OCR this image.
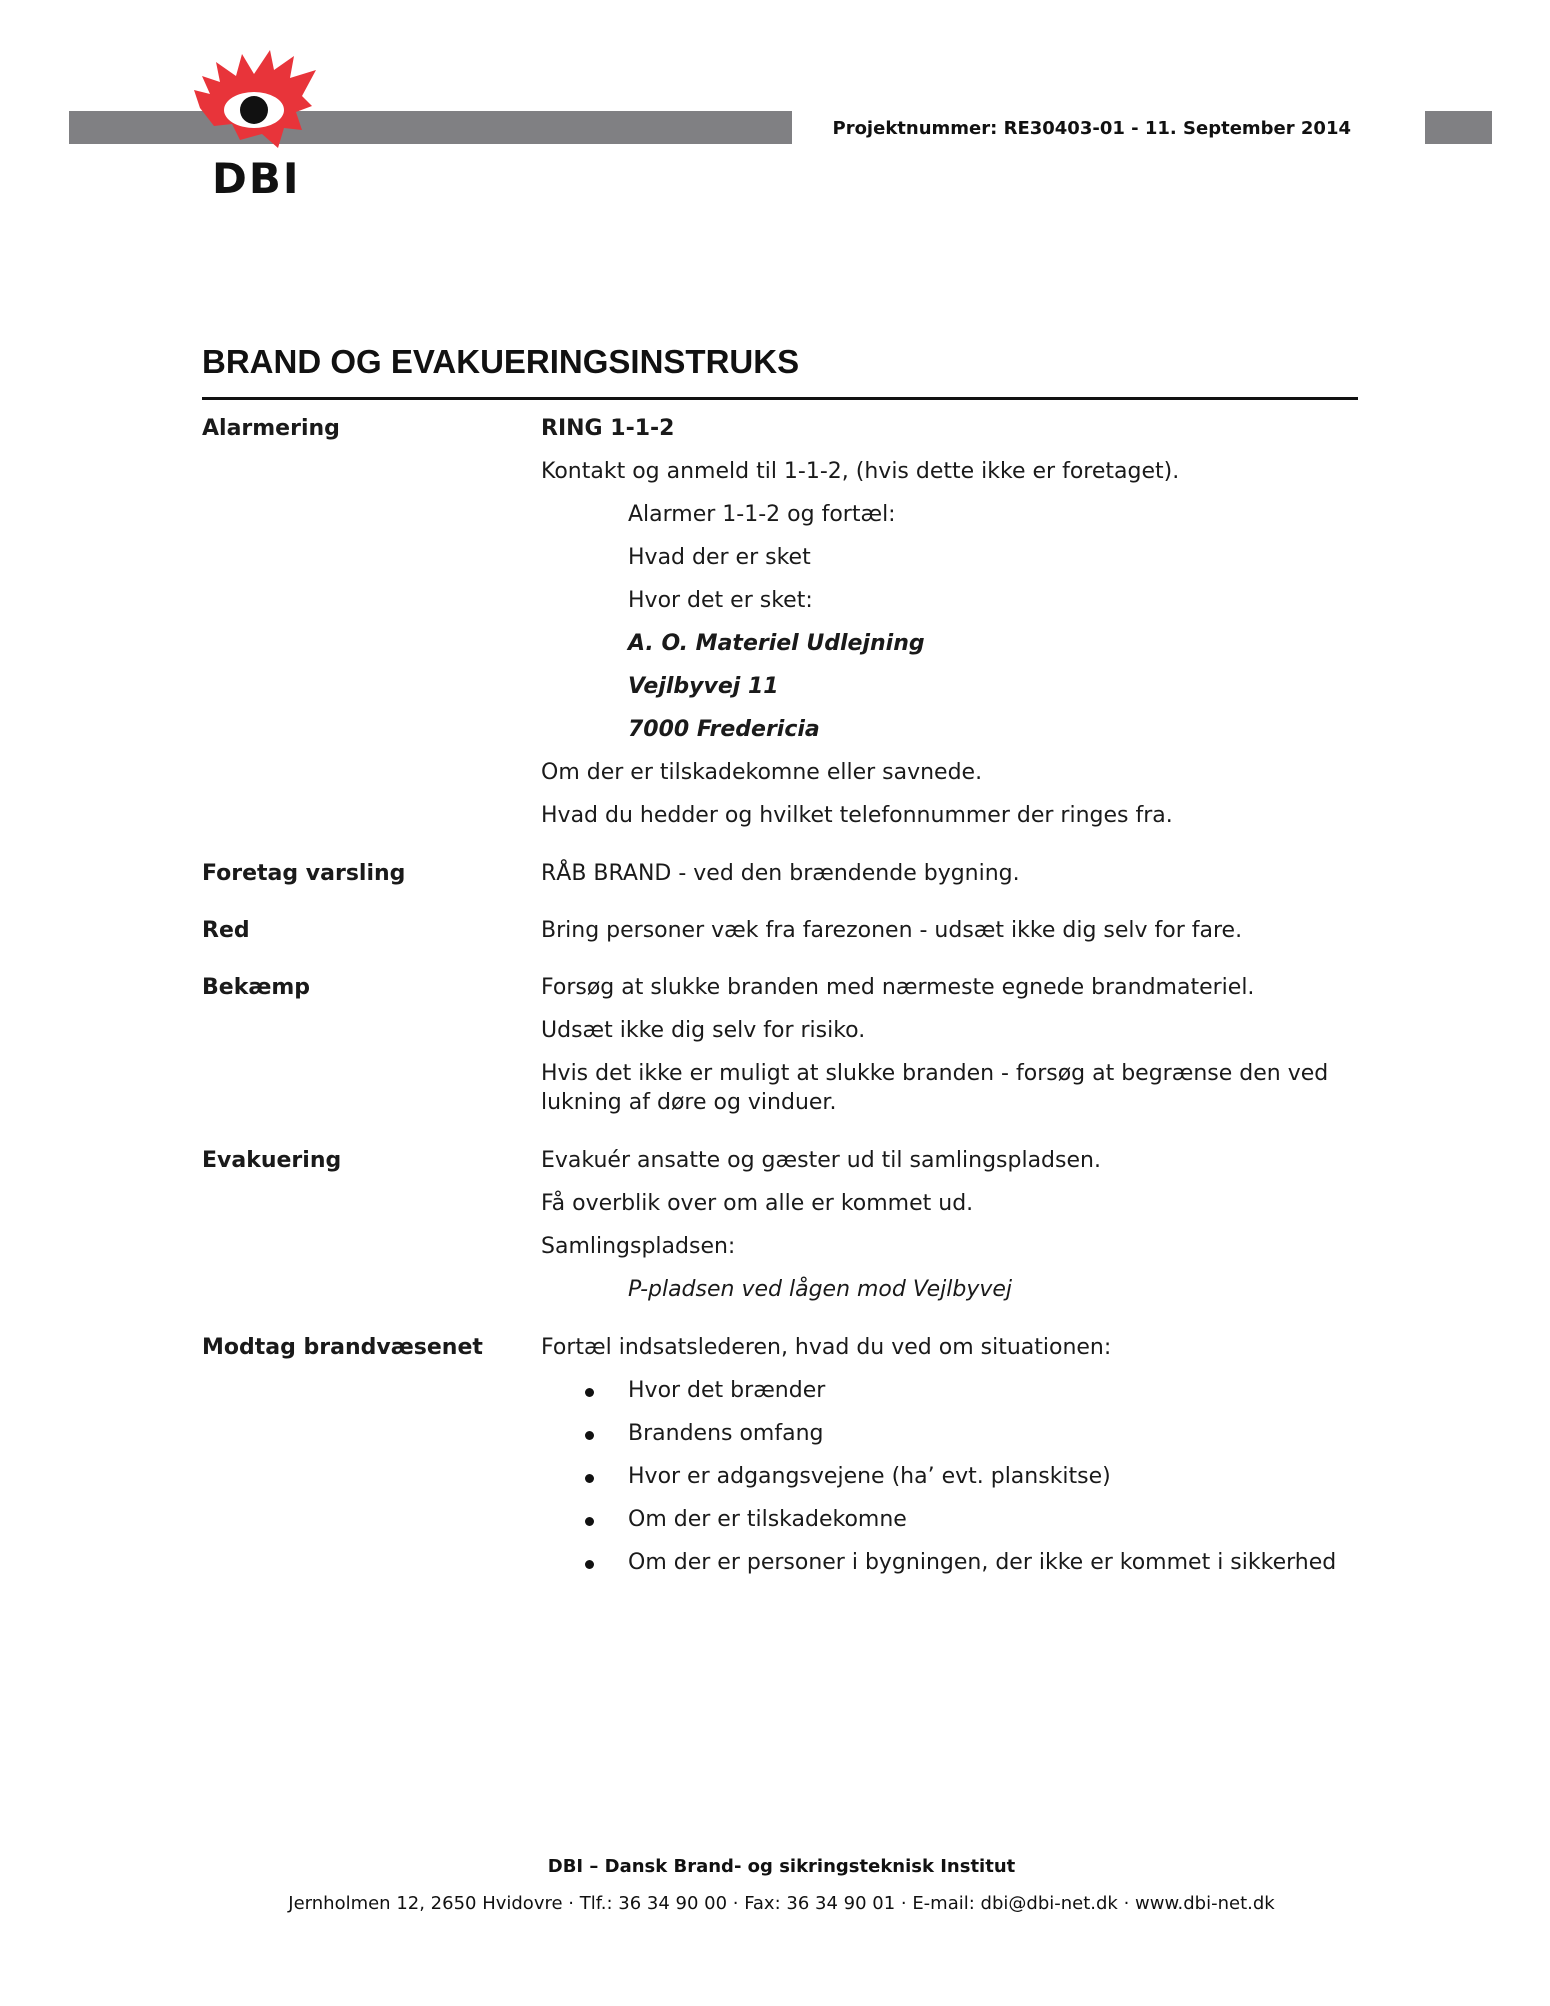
DBI
Projektnummer: RE30403-01 - 11. September 2014
BRAND OG EVAKUERINGSINSTRUKS
Alarmering	RING 1-1-2
Kontakt og anmeld til 1-1-2, (hvis dette ikke er foretaget).
Alarmer 1-1-2 og fortæl:
Hvad der er sket
Hvor det er sket:
A. O. Materiel Udlejning
Vejlbyvej 11
7000 Fredericia
Om der er tilskadekomne eller savnede.
Hvad du hedder og hvilket telefonnummer der ringes fra.
Foretag varsling	RÅB BRAND - ved den brændende bygning.
Red	Bring personer væk fra farezonen - udsæt ikke dig selv for fare.
Bekæmp	Forsøg at slukke branden med nærmeste egnede brandmateriel.
Udsæt ikke dig selv for risiko.
Hvis det ikke er muligt at slukke branden - forsøg at begrænse den ved
lukning af døre og vinduer.
Evakuering	Evakuér ansatte og gæster ud til samlingspladsen.
Få overblik over om alle er kommet ud.
Samlingspladsen:
P-pladsen ved lågen mod Vejlbyvej
Modtag brandvæsenet	Fortæl indsatslederen, hvad du ved om situationen:
Hvor det brænder
Brandens omfang
Hvor er adgangsvejene (ha’ evt. planskitse)
Om der er tilskadekomne
Om der er personer i bygningen, der ikke er kommet i sikkerhed
DBI – Dansk Brand- og sikringsteknisk Institut
Jernholmen 12, 2650 Hvidovre · Tlf.: 36 34 90 00 · Fax: 36 34 90 01 · E-mail: dbi@dbi-net.dk · www.dbi-net.dk
